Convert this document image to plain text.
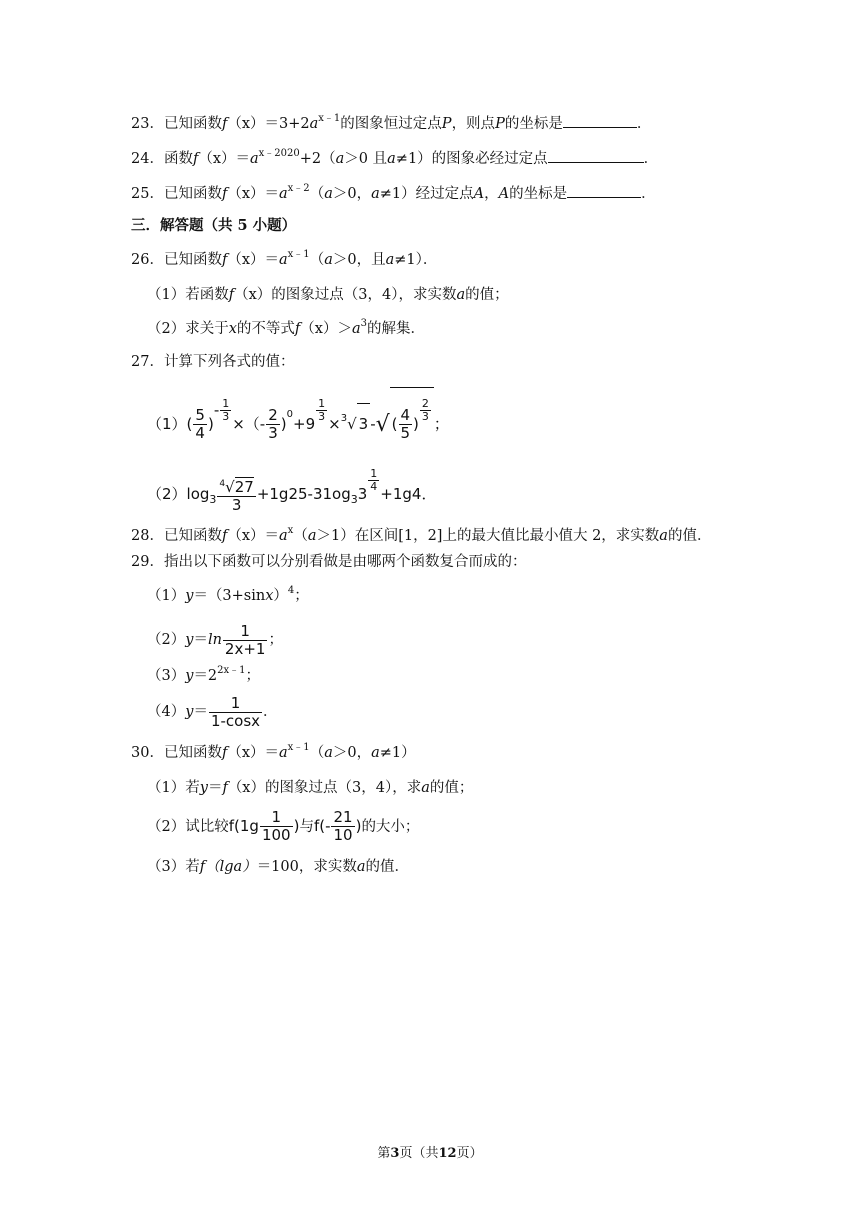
23．已知函数$f(x)=3+2a^{x﹣1}$的图象恒过定点P，则点P的坐标是	．
24．函数$f(x)=a^{x﹣2020}+2(a>0$ 且a≠1）的图象必经过定点	．
25．已知函数$f(x)=a^{x﹣2}(a>0$，a≠1）经过定点A，A的坐标是	．
三．解答题（共 5 小题）
26．已知函数$f(x)=a^{x﹣1}(a>0$，且a≠1）．
（1）若函数f（x）的图象过点（3，4），求实数a的值；
（2）求关于x的不等式$f(x)>a^3$的解集．
27．计算下列各式的值：
$(1)( \frac{5}{4}$ )- $\frac{1}{3}$
×（- $\frac{2}{3} )^0+9$
$\frac{1}{3}$
×$^3$√ 3 -√ ( $\frac{4}{5}$ )
$\frac{2}{3}$
；
$(2)\log_3 \frac{^4√27}{3} +1g25-31og_33$
$\frac{1}{4}$
+1g4．
28．已知函数$f(x)=a^x(a>1)$在区间[1，2]上的最大值比最小值大 2，求实数a的值．
29．指出以下函数可以分别看做是由哪两个函数复合而成的：
$(1)y=(3+\sin x)^4$；
$(2)y=\ln \frac{1}{2x+1}$ ；
$(3)y=2^{2x﹣1}$；
$(4)y= \frac{1}{1-\cos x}$ ．
30．已知函数$f(x)=a^{x﹣1}(a>0$，a≠1）
（1）若y＝f（x）的图象过点（3，4），求a的值；
（2）试比较$f(1g \frac{1}{100}$ )与$f(- \frac{21}{10}$ )的大小；
（3）若f（lga）＝100，求实数a的值．
第3页（共12页）
